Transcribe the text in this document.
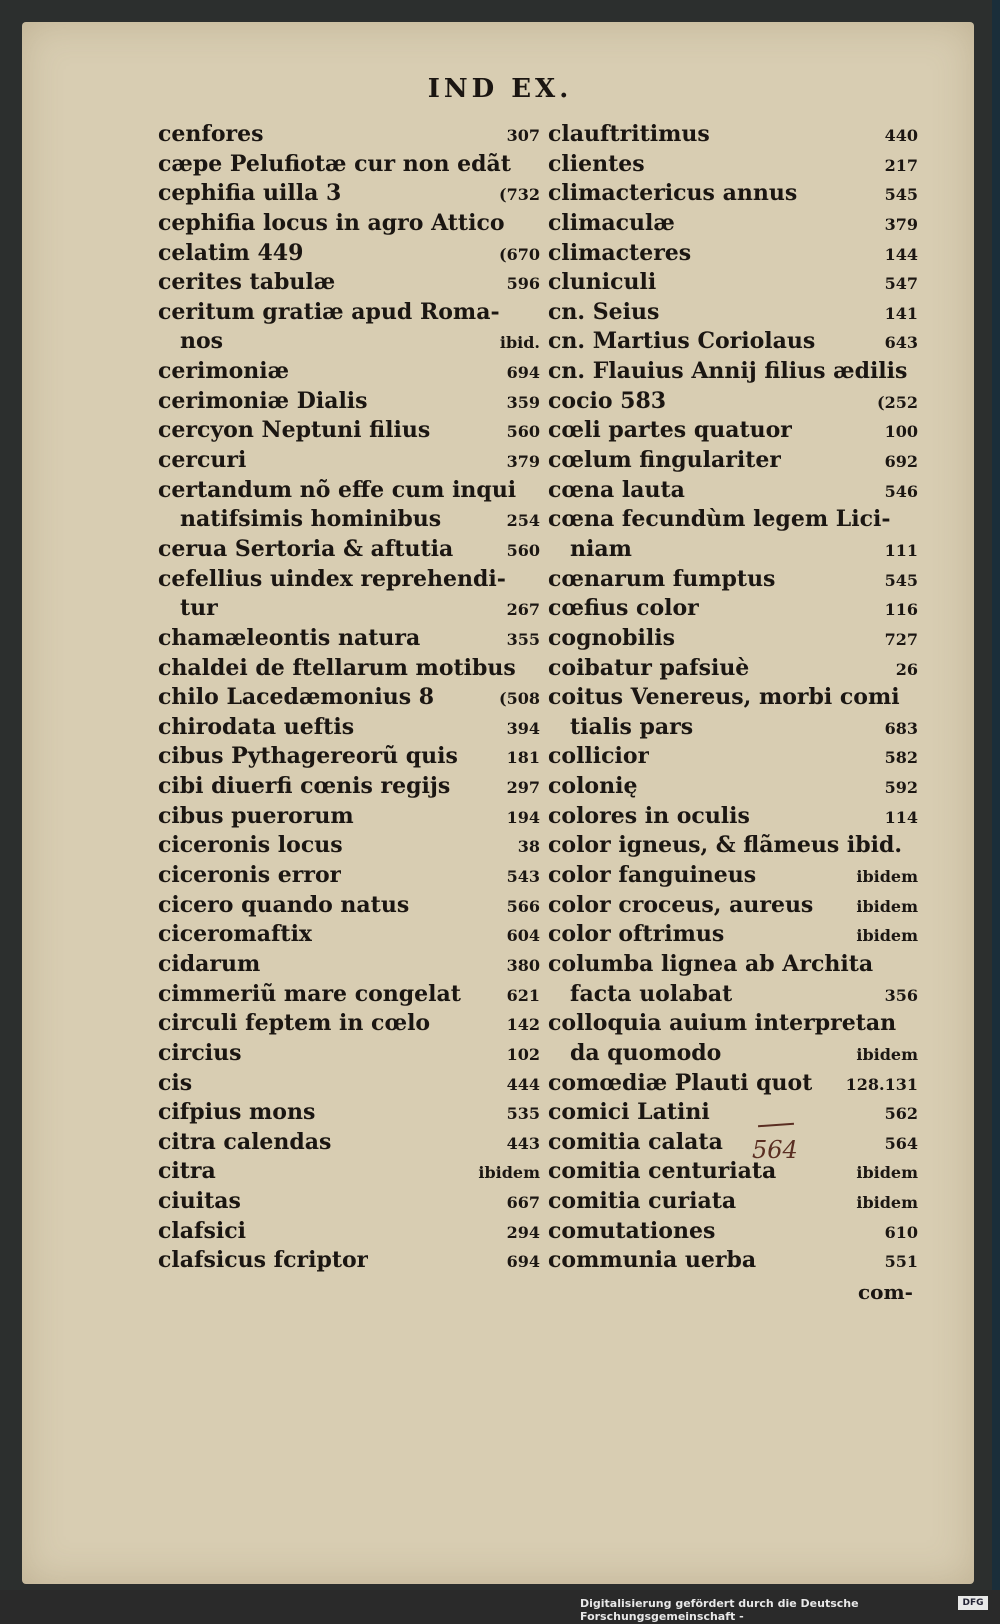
IND EX.
cenfores	307
cæpe Pelufiotæ cur non edãt
cephifia uilla 3	(732
cephifia locus in agro Attico
celatim 449	(670
cerites tabulæ	596
ceritum gratiæ apud Roma-
nos	ibid.
cerimoniæ	694
cerimoniæ Dialis	359
cercyon Neptuni filius	560
cercuri	379
certandum nõ effe cum inqui
natifsimis hominibus	254
cerua Sertoria & aftutia	560
cefellius uindex reprehendi-
tur	267
chamæleontis natura	355
chaldei de ftellarum motibus
chilo Lacedæmonius 8	(508
chirodata ueftis	394
cibus Pythagereorũ quis	181
cibi diuerfi cœnis regijs	297
cibus puerorum	194
ciceronis locus	38
ciceronis error	543
cicero quando natus	566
ciceromaftix	604
cidarum	380
cimmeriũ mare congelat	621
circuli feptem in cœlo	142
circius	102
cis	444
cifpius mons	535
citra calendas	443
citra	ibidem
ciuitas	667
clafsici	294
clafsicus fcriptor	694
clauftritimus	440
clientes	217
climactericus annus	545
climaculæ	379
climacteres	144
cluniculi	547
cn. Seius	141
cn. Martius Coriolaus	643
cn. Flauius Annij filius ædilis
cocio 583	(252
cœli partes quatuor	100
cœlum fingulariter	692
cœna lauta	546
cœna fecundùm legem Lici-
niam	111
cœnarum fumptus	545
cœfius color	116
cognobilis	727
coibatur pafsiuè	26
coitus Venereus, morbi comi
tialis pars	683
collicior	582
colonię	592
colores in oculis	114
color igneus, & flãmeus ibid.
color fanguineus	ibidem
color croceus, aureus	ibidem
color oftrimus	ibidem
columba lignea ab Archita
facta uolabat	356
colloquia auium interpretan
da quomodo	ibidem
comœdiæ Plauti quot 128.131
comici Latini	562
comitia calata	564
comitia centuriata	ibidem
comitia curiata	ibidem
comutationes	610
communia uerba	551
564
com-
Digitalisierung gefördert durch die Deutsche Forschungsgemeinschaft -
DFG
